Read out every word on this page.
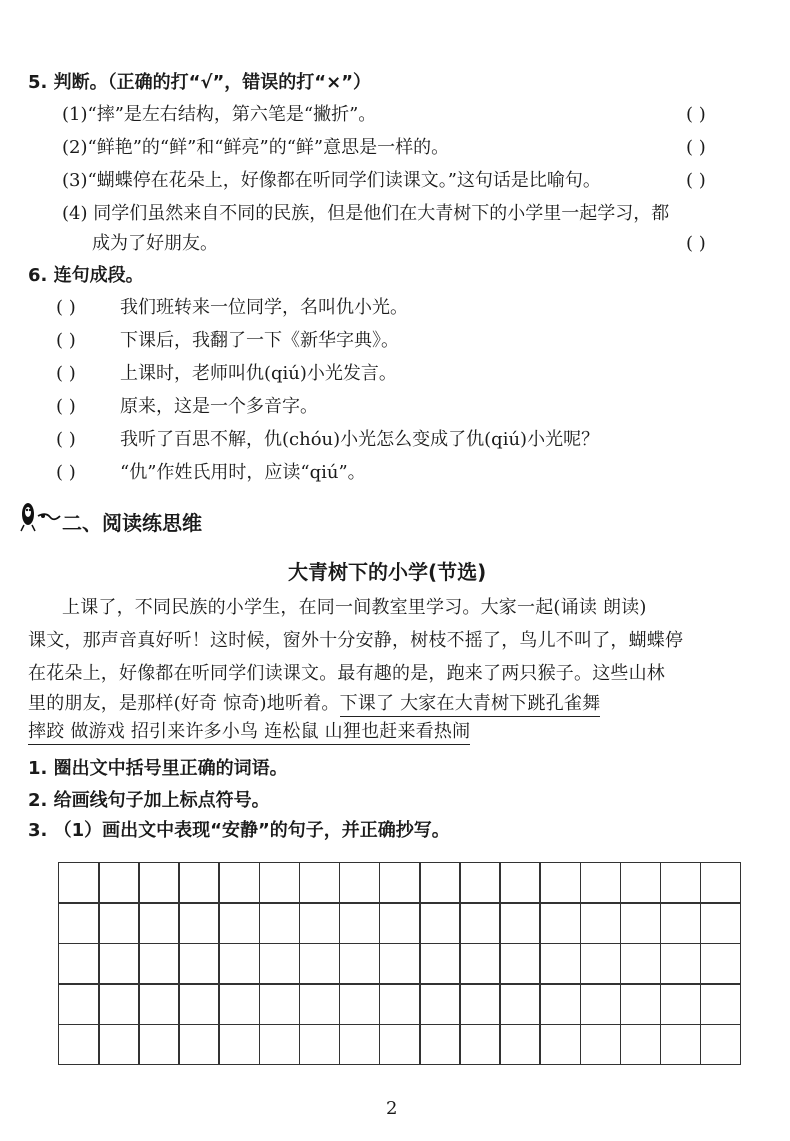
5. 判断。（正确的打“√”，错误的打“×”）
(1)“摔”是左右结构，第六笔是“撇折”。	( )
(2)“鲜艳”的“鲜”和“鲜亮”的“鲜”意思是一样的。	( )
(3)“蝴蝶停在花朵上，好像都在听同学们读课文。”这句话是比喻句。	( )
(4) 同学们虽然来自不同的民族，但是他们在大青树下的小学里一起学习，都
成为了好朋友。	( )
6. 连句成段。
( ) 我们班转来一位同学，名叫仇小光。
( ) 下课后，我翻了一下《新华字典》。
( ) 上课时，老师叫仇(qiú)小光发言。
( ) 原来，这是一个多音字。
( ) 我听了百思不解，仇(chóu)小光怎么变成了仇(qiú)小光呢？
( ) “仇”作姓氏用时，应读“qiú”。
二、阅读练思维
大青树下的小学(节选)
上课了，不同民族的小学生，在同一间教室里学习。大家一起(诵读 朗读)
课文，那声音真好听！这时候，窗外十分安静，树枝不摇了，鸟儿不叫了，蝴蝶停
在花朵上，好像都在听同学们读课文。最有趣的是，跑来了两只猴子。这些山林
里的朋友，是那样(好奇 惊奇)地听着。下课了 大家在大青树下跳孔雀舞
摔跤 做游戏 招引来许多小鸟 连松鼠 山狸也赶来看热闹
1. 圈出文中括号里正确的词语。
2. 给画线句子加上标点符号。
3. （1）画出文中表现“安静”的句子，并正确抄写。
2
